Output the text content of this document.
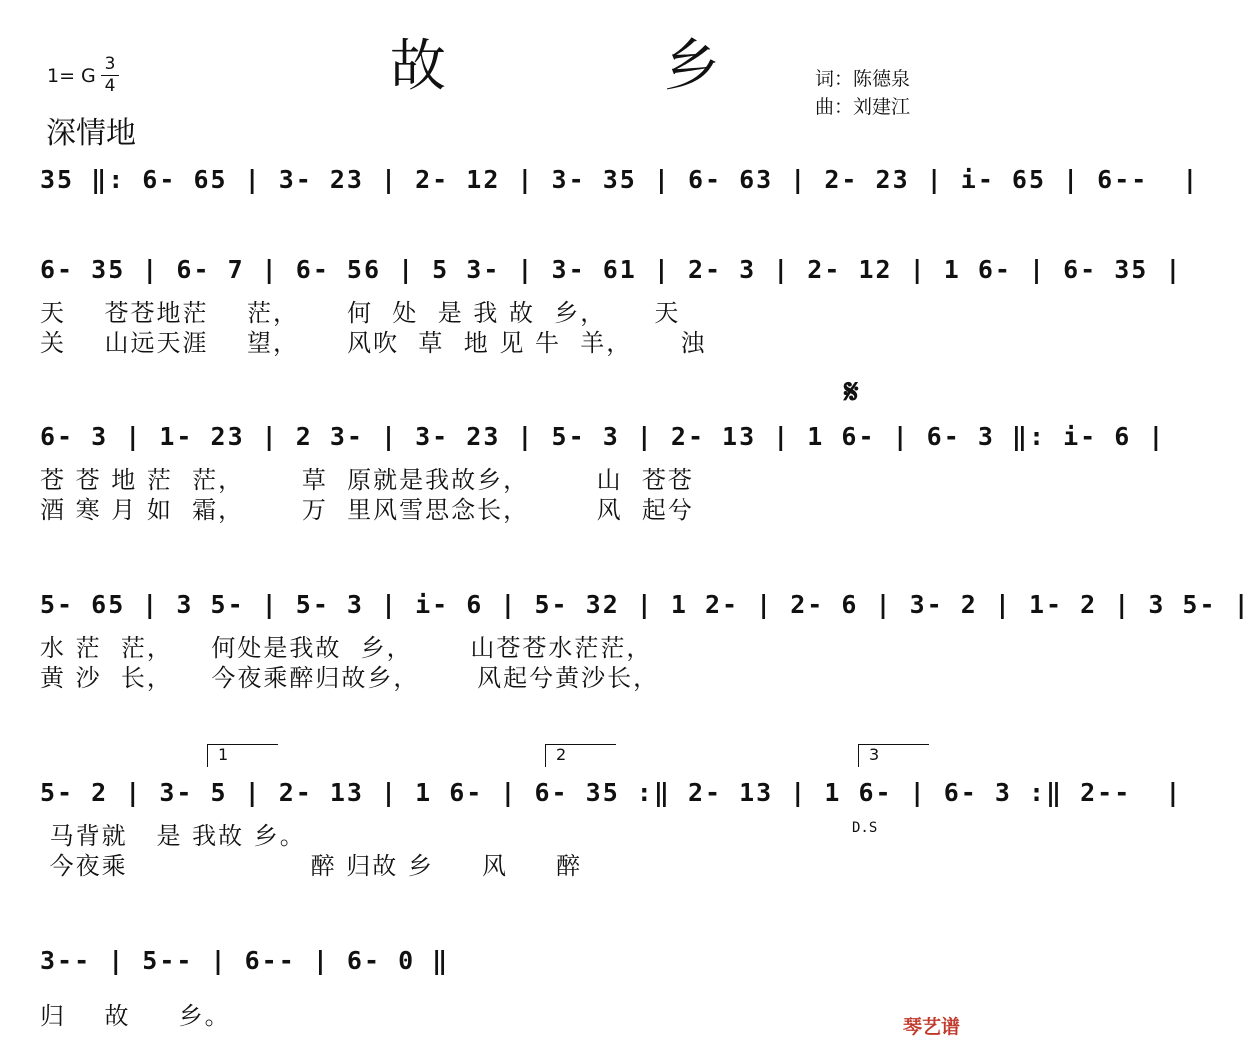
故 乡
1= G
3
4
深情地
词：陈德泉
曲：刘建江
35 ‖: 6- 65 | 3- 23 | 2- 12 | 3- 35 | 6- 63 | 2- 23 | i- 65 | 6--  |
6- 35 | 6- 7 | 6- 56 | 5 3- | 3- 61 | 2- 3 | 2- 12 | 1 6- | 6- 35 |
天    苍苍地茫    茫，     何  处  是 我 故  乡，     天
关    山远天涯    望，     风吹  草  地 见 牛  羊，     浊
𝄋
6- 3 | 1- 23 | 2 3- | 3- 23 | 5- 3 | 2- 13 | 1 6- | 6- 3 ‖: i- 6 |
苍 苍 地 茫  茫，      草  原就是我故乡，       山  苍苍
酒 寒 月 如  霜，      万  里风雪思念长，       风  起兮
5- 65 | 3 5- | 5- 3 | i- 6 | 5- 32 | 1 2- | 2- 6 | 3- 2 | 1- 2 | 3 5- |
水 茫  茫，    何处是我故  乡，      山苍苍水茫茫，
黄 沙  长，    今夜乘醉归故乡，      风起兮黄沙长，
1	2	3
5- 2 | 3- 5 | 2- 13 | 1 6- | 6- 35 :‖ 2- 13 | 1 6- | 6- 3 :‖ 2--  |
马背就   是 我故 乡。
今夜乘                   醉 归故 乡     风     醉
D.S
3-- | 5-- | 6-- | 6- 0 ‖
归    故     乡。	琴艺谱
